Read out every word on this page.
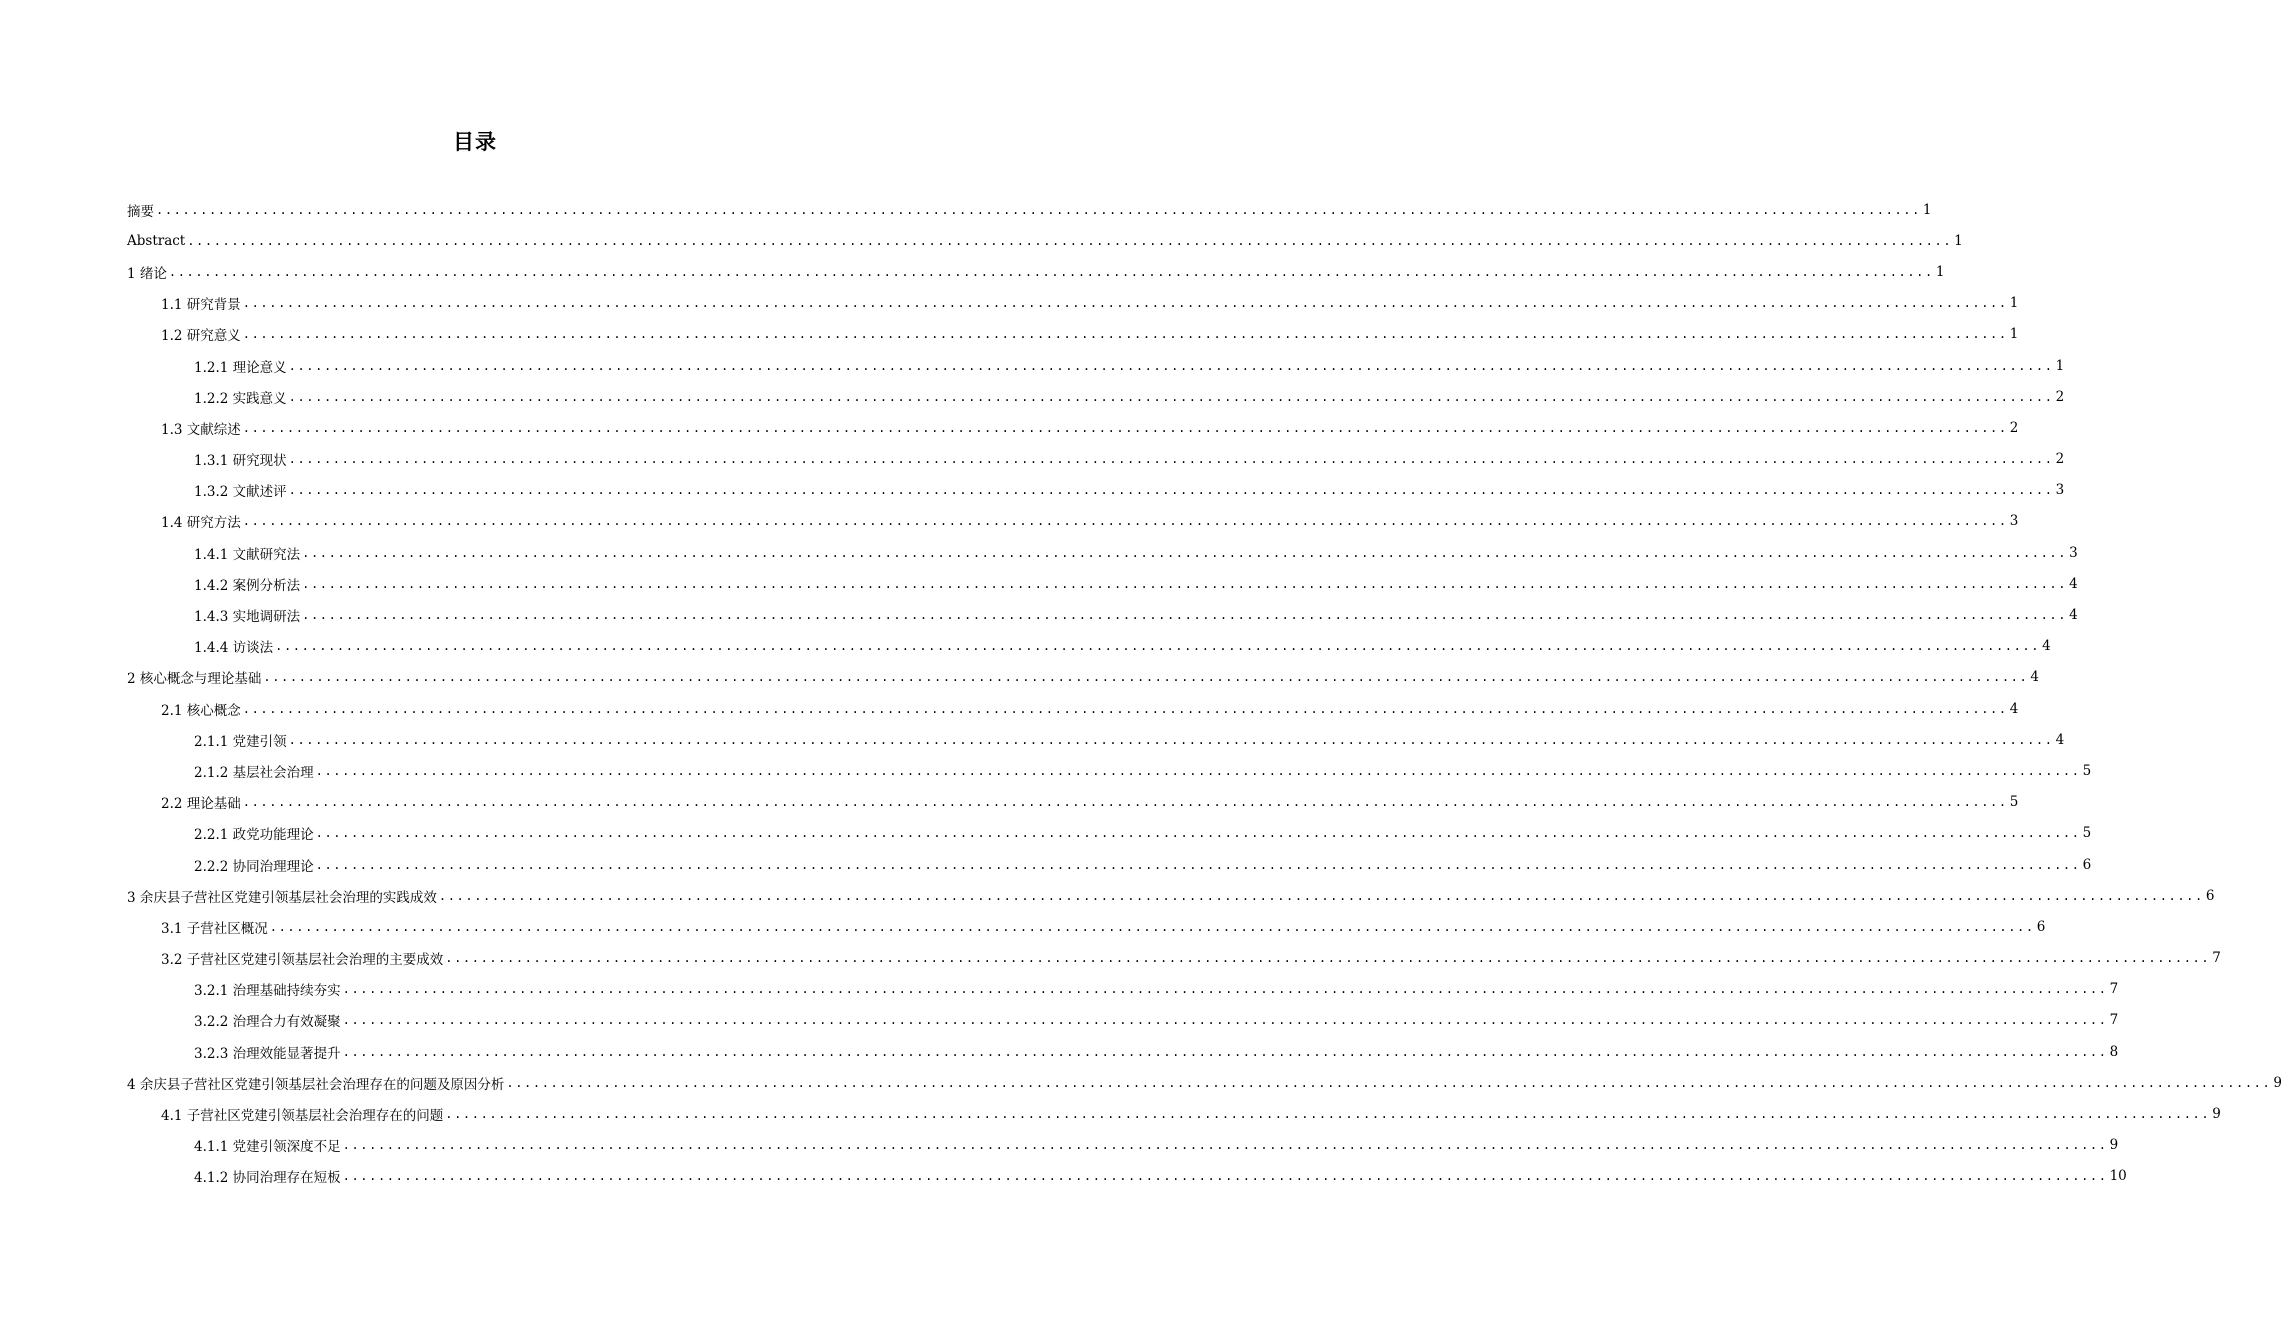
目录
摘要 ........................................................................................................................................................................................................ 1
Abstract ........................................................................................................................................................................................................ 1
1 绪论 ........................................................................................................................................................................................................ 1
1.1 研究背景 ........................................................................................................................................................................................................ 1
1.2 研究意义 ........................................................................................................................................................................................................ 1
1.2.1 理论意义 ........................................................................................................................................................................................................ 1
1.2.2 实践意义 ........................................................................................................................................................................................................ 2
1.3 文献综述 ........................................................................................................................................................................................................ 2
1.3.1 研究现状 ........................................................................................................................................................................................................ 2
1.3.2 文献述评 ........................................................................................................................................................................................................ 3
1.4 研究方法 ........................................................................................................................................................................................................ 3
1.4.1 文献研究法 ........................................................................................................................................................................................................ 3
1.4.2 案例分析法 ........................................................................................................................................................................................................ 4
1.4.3 实地调研法 ........................................................................................................................................................................................................ 4
1.4.4 访谈法 ........................................................................................................................................................................................................ 4
2 核心概念与理论基础 ........................................................................................................................................................................................................ 4
2.1 核心概念 ........................................................................................................................................................................................................ 4
2.1.1 党建引领 ........................................................................................................................................................................................................ 4
2.1.2 基层社会治理 ........................................................................................................................................................................................................ 5
2.2 理论基础 ........................................................................................................................................................................................................ 5
2.2.1 政党功能理论 ........................................................................................................................................................................................................ 5
2.2.2 协同治理理论 ........................................................................................................................................................................................................ 6
3 余庆县子营社区党建引领基层社会治理的实践成效 ........................................................................................................................................................................................................ 6
3.1 子营社区概况 ........................................................................................................................................................................................................ 6
3.2 子营社区党建引领基层社会治理的主要成效 ........................................................................................................................................................................................................ 7
3.2.1 治理基础持续夯实 ........................................................................................................................................................................................................ 7
3.2.2 治理合力有效凝聚 ........................................................................................................................................................................................................ 7
3.2.3 治理效能显著提升 ........................................................................................................................................................................................................ 8
4 余庆县子营社区党建引领基层社会治理存在的问题及原因分析 ........................................................................................................................................................................................................ 9
4.1 子营社区党建引领基层社会治理存在的问题 ........................................................................................................................................................................................................ 9
4.1.1 党建引领深度不足 ........................................................................................................................................................................................................ 9
4.1.2 协同治理存在短板 ........................................................................................................................................................................................................ 10
